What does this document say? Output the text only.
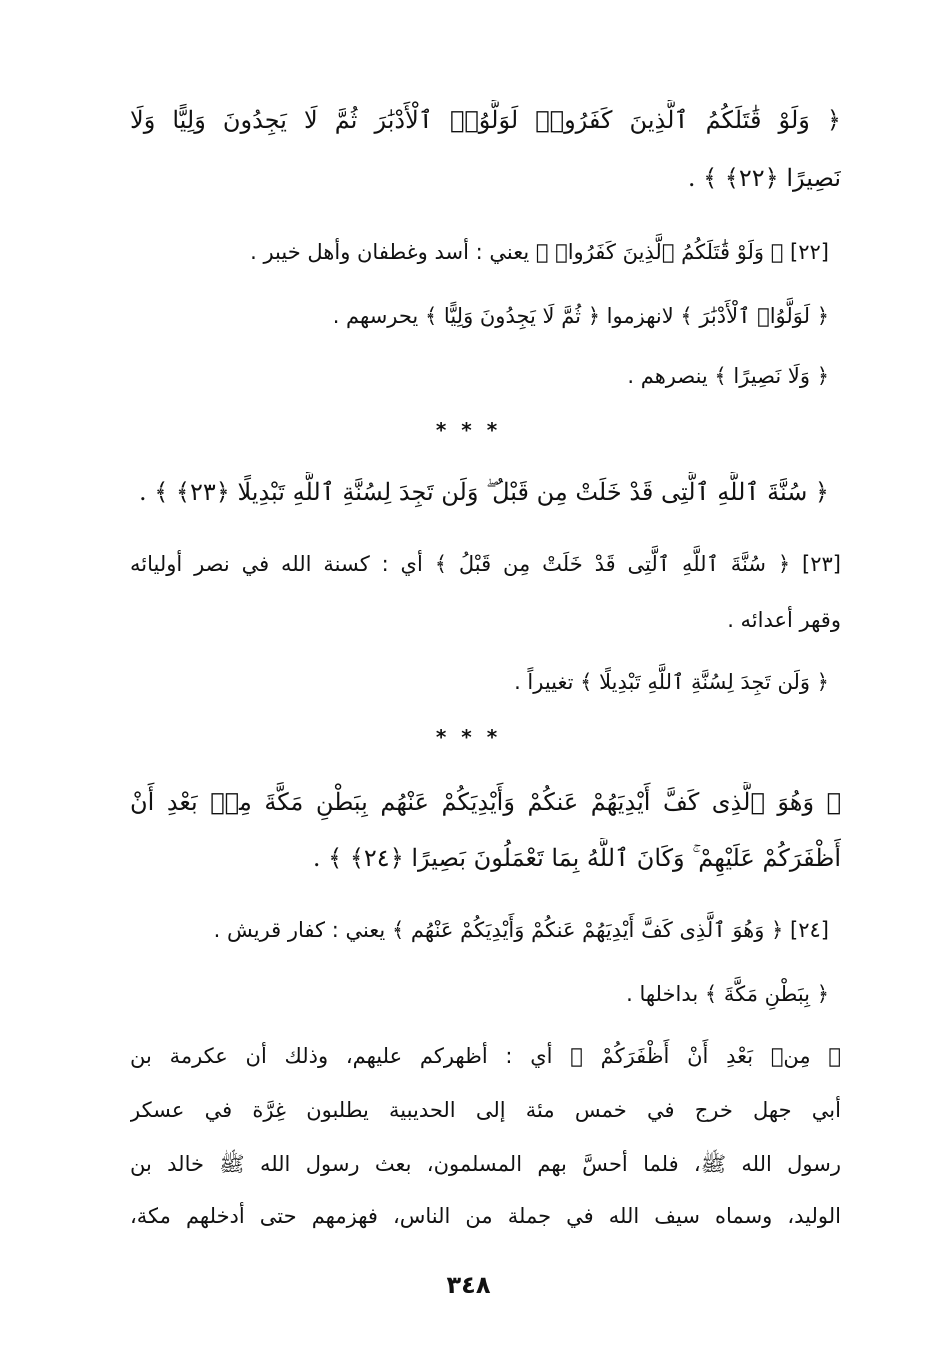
﴿ وَلَوْ قَٰتَلَكُمُ ٱلَّذِينَ كَفَرُوا۟ لَوَلَّوُا۟ ٱلْأَدْبَٰرَ ثُمَّ لَا يَجِدُونَ وَلِيًّا وَلَا
نَصِيرًا ﴿٢٢﴾ ﴾ .
[٢٢] ﴿ وَلَوْ قَٰتَلَكُمُ ٱلَّذِينَ كَفَرُوا۟ ﴾ يعني : أسد وغطفان وأهل خيبر .
﴿ لَوَلَّوُا۟ ٱلْأَدْبَٰرَ ﴾ لانهزموا ﴿ ثُمَّ لَا يَجِدُونَ وَلِيًّا ﴾ يحرسهم .
﴿ وَلَا نَصِيرًا ﴾ ينصرهم .
* * *
﴿ سُنَّةَ ٱللَّهِ ٱلَّتِى قَدْ خَلَتْ مِن قَبْلُ ۖ وَلَن تَجِدَ لِسُنَّةِ ٱللَّهِ تَبْدِيلًا ﴿٢٣﴾ ﴾ .
[٢٣] ﴿ سُنَّةَ ٱللَّهِ ٱلَّتِى قَدْ خَلَتْ مِن قَبْلُ ﴾ أي : كسنة الله في نصر أوليائه
وقهر أعدائه .
﴿ وَلَن تَجِدَ لِسُنَّةِ ٱللَّهِ تَبْدِيلًا ﴾ تغييراً .
* * *
﴿ وَهُوَ ٱلَّذِى كَفَّ أَيْدِيَهُمْ عَنكُمْ وَأَيْدِيَكُمْ عَنْهُم بِبَطْنِ مَكَّةَ مِنۢ بَعْدِ أَنْ
أَظْفَرَكُمْ عَلَيْهِمْ ۚ وَكَانَ ٱللَّهُ بِمَا تَعْمَلُونَ بَصِيرًا ﴿٢٤﴾ ﴾ .
[٢٤] ﴿ وَهُوَ ٱلَّذِى كَفَّ أَيْدِيَهُمْ عَنكُمْ وَأَيْدِيَكُمْ عَنْهُم ﴾ يعني : كفار قريش .
﴿ بِبَطْنِ مَكَّةَ ﴾ بداخلها .
﴿ مِنۢ بَعْدِ أَنْ أَظْفَرَكُمْ ﴾ أي : أظهركم عليهم، وذلك أن عكرمة بن
أبي جهل خرج في خمس مئة إلى الحديبية يطلبون غِرَّة في عسكر
رسول الله ﷺ، فلما أحسَّ بهم المسلمون، بعث رسول الله ﷺ خالد بن
الوليد، وسماه سيف الله في جملة من الناس، فهزمهم حتى أدخلهم مكة،
٣٤٨
